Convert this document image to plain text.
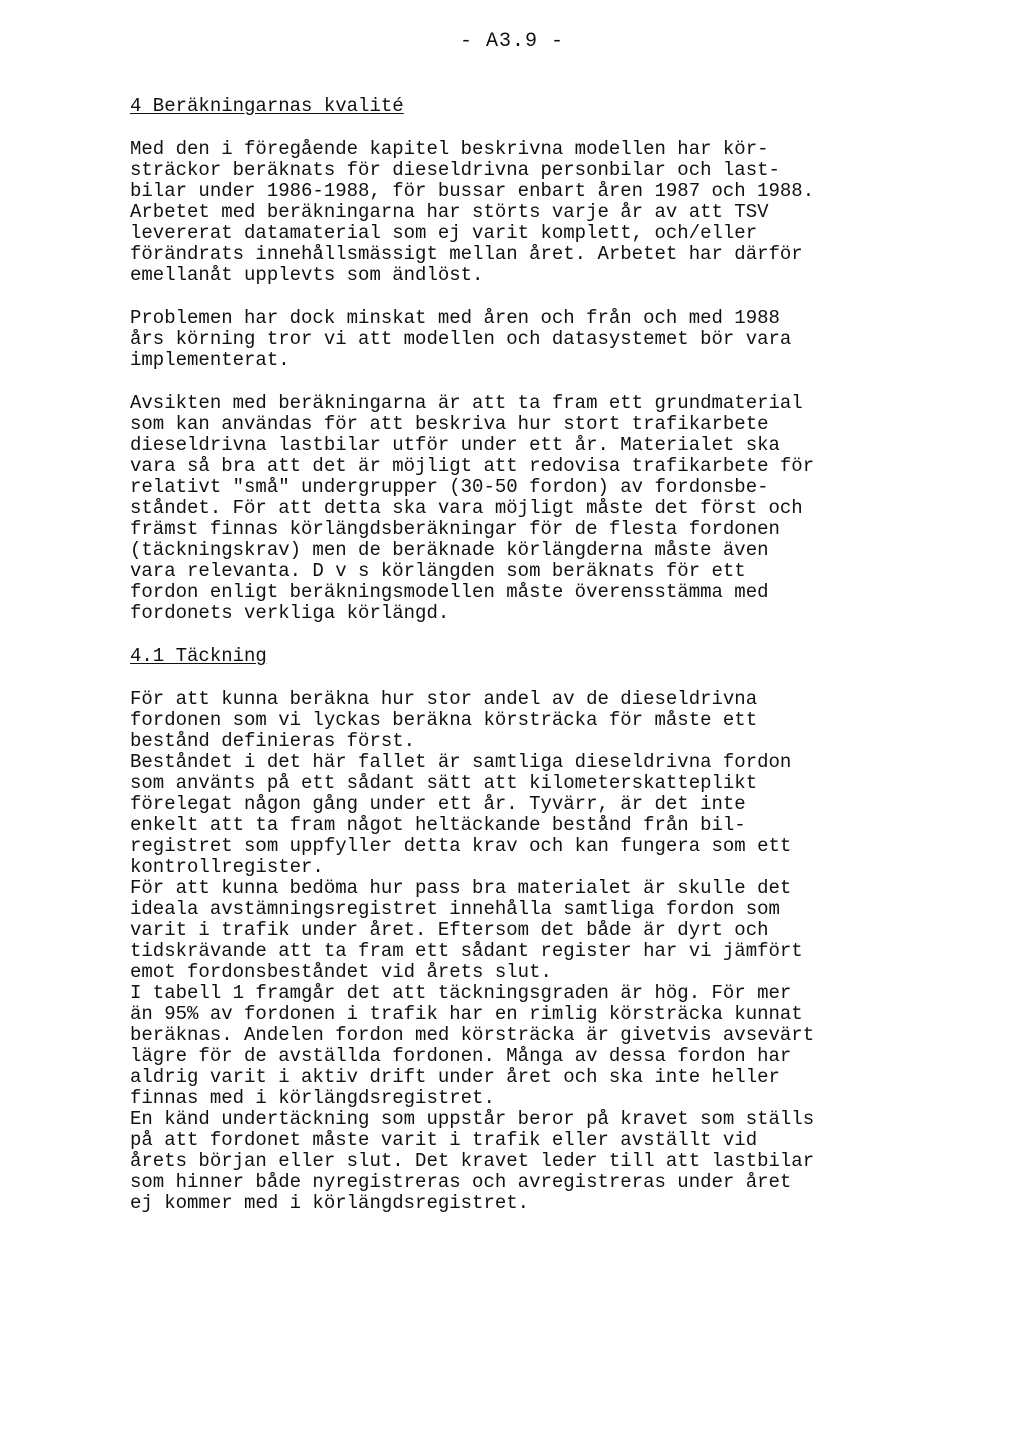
- A3.9 -
4 Beräkningarnas kvalité
Med den i föregående kapitel beskrivna modellen har kör-
sträckor beräknats för dieseldrivna personbilar och last-
bilar under 1986-1988, för bussar enbart åren 1987 och 1988.
Arbetet med beräkningarna har störts varje år av att TSV
levererat datamaterial som ej varit komplett, och/eller
förändrats innehållsmässigt mellan året. Arbetet har därför
emellanåt upplevts som ändlöst.
Problemen har dock minskat med åren och från och med 1988
års körning tror vi att modellen och datasystemet bör vara
implementerat.
Avsikten med beräkningarna är att ta fram ett grundmaterial
som kan användas för att beskriva hur stort trafikarbete
dieseldrivna lastbilar utför under ett år. Materialet ska
vara så bra att det är möjligt att redovisa trafikarbete för
relativt "små" undergrupper (30-50 fordon) av fordonsbe-
ståndet. För att detta ska vara möjligt måste det först och
främst finnas körlängdsberäkningar för de flesta fordonen
(täckningskrav) men de beräknade körlängderna måste även
vara relevanta. D v s körlängden som beräknats för ett
fordon enligt beräkningsmodellen måste överensstämma med
fordonets verkliga körlängd.
4.1 Täckning
För att kunna beräkna hur stor andel av de dieseldrivna
fordonen som vi lyckas beräkna körsträcka för måste ett
bestånd definieras först.
Beståndet i det här fallet är samtliga dieseldrivna fordon
som använts på ett sådant sätt att kilometerskatteplikt
förelegat någon gång under ett år. Tyvärr, är det inte
enkelt att ta fram något heltäckande bestånd från bil-
registret som uppfyller detta krav och kan fungera som ett
kontrollregister.
För att kunna bedöma hur pass bra materialet är skulle det
ideala avstämningsregistret innehålla samtliga fordon som
varit i trafik under året. Eftersom det både är dyrt och
tidskrävande att ta fram ett sådant register har vi jämfört
emot fordonsbeståndet vid årets slut.
I tabell 1 framgår det att täckningsgraden är hög. För mer
än 95% av fordonen i trafik har en rimlig körsträcka kunnat
beräknas. Andelen fordon med körsträcka är givetvis avsevärt
lägre för de avställda fordonen. Många av dessa fordon har
aldrig varit i aktiv drift under året och ska inte heller
finnas med i körlängdsregistret.
En känd undertäckning som uppstår beror på kravet som ställs
på att fordonet måste varit i trafik eller avställt vid
årets början eller slut. Det kravet leder till att lastbilar
som hinner både nyregistreras och avregistreras under året
ej kommer med i körlängdsregistret.
